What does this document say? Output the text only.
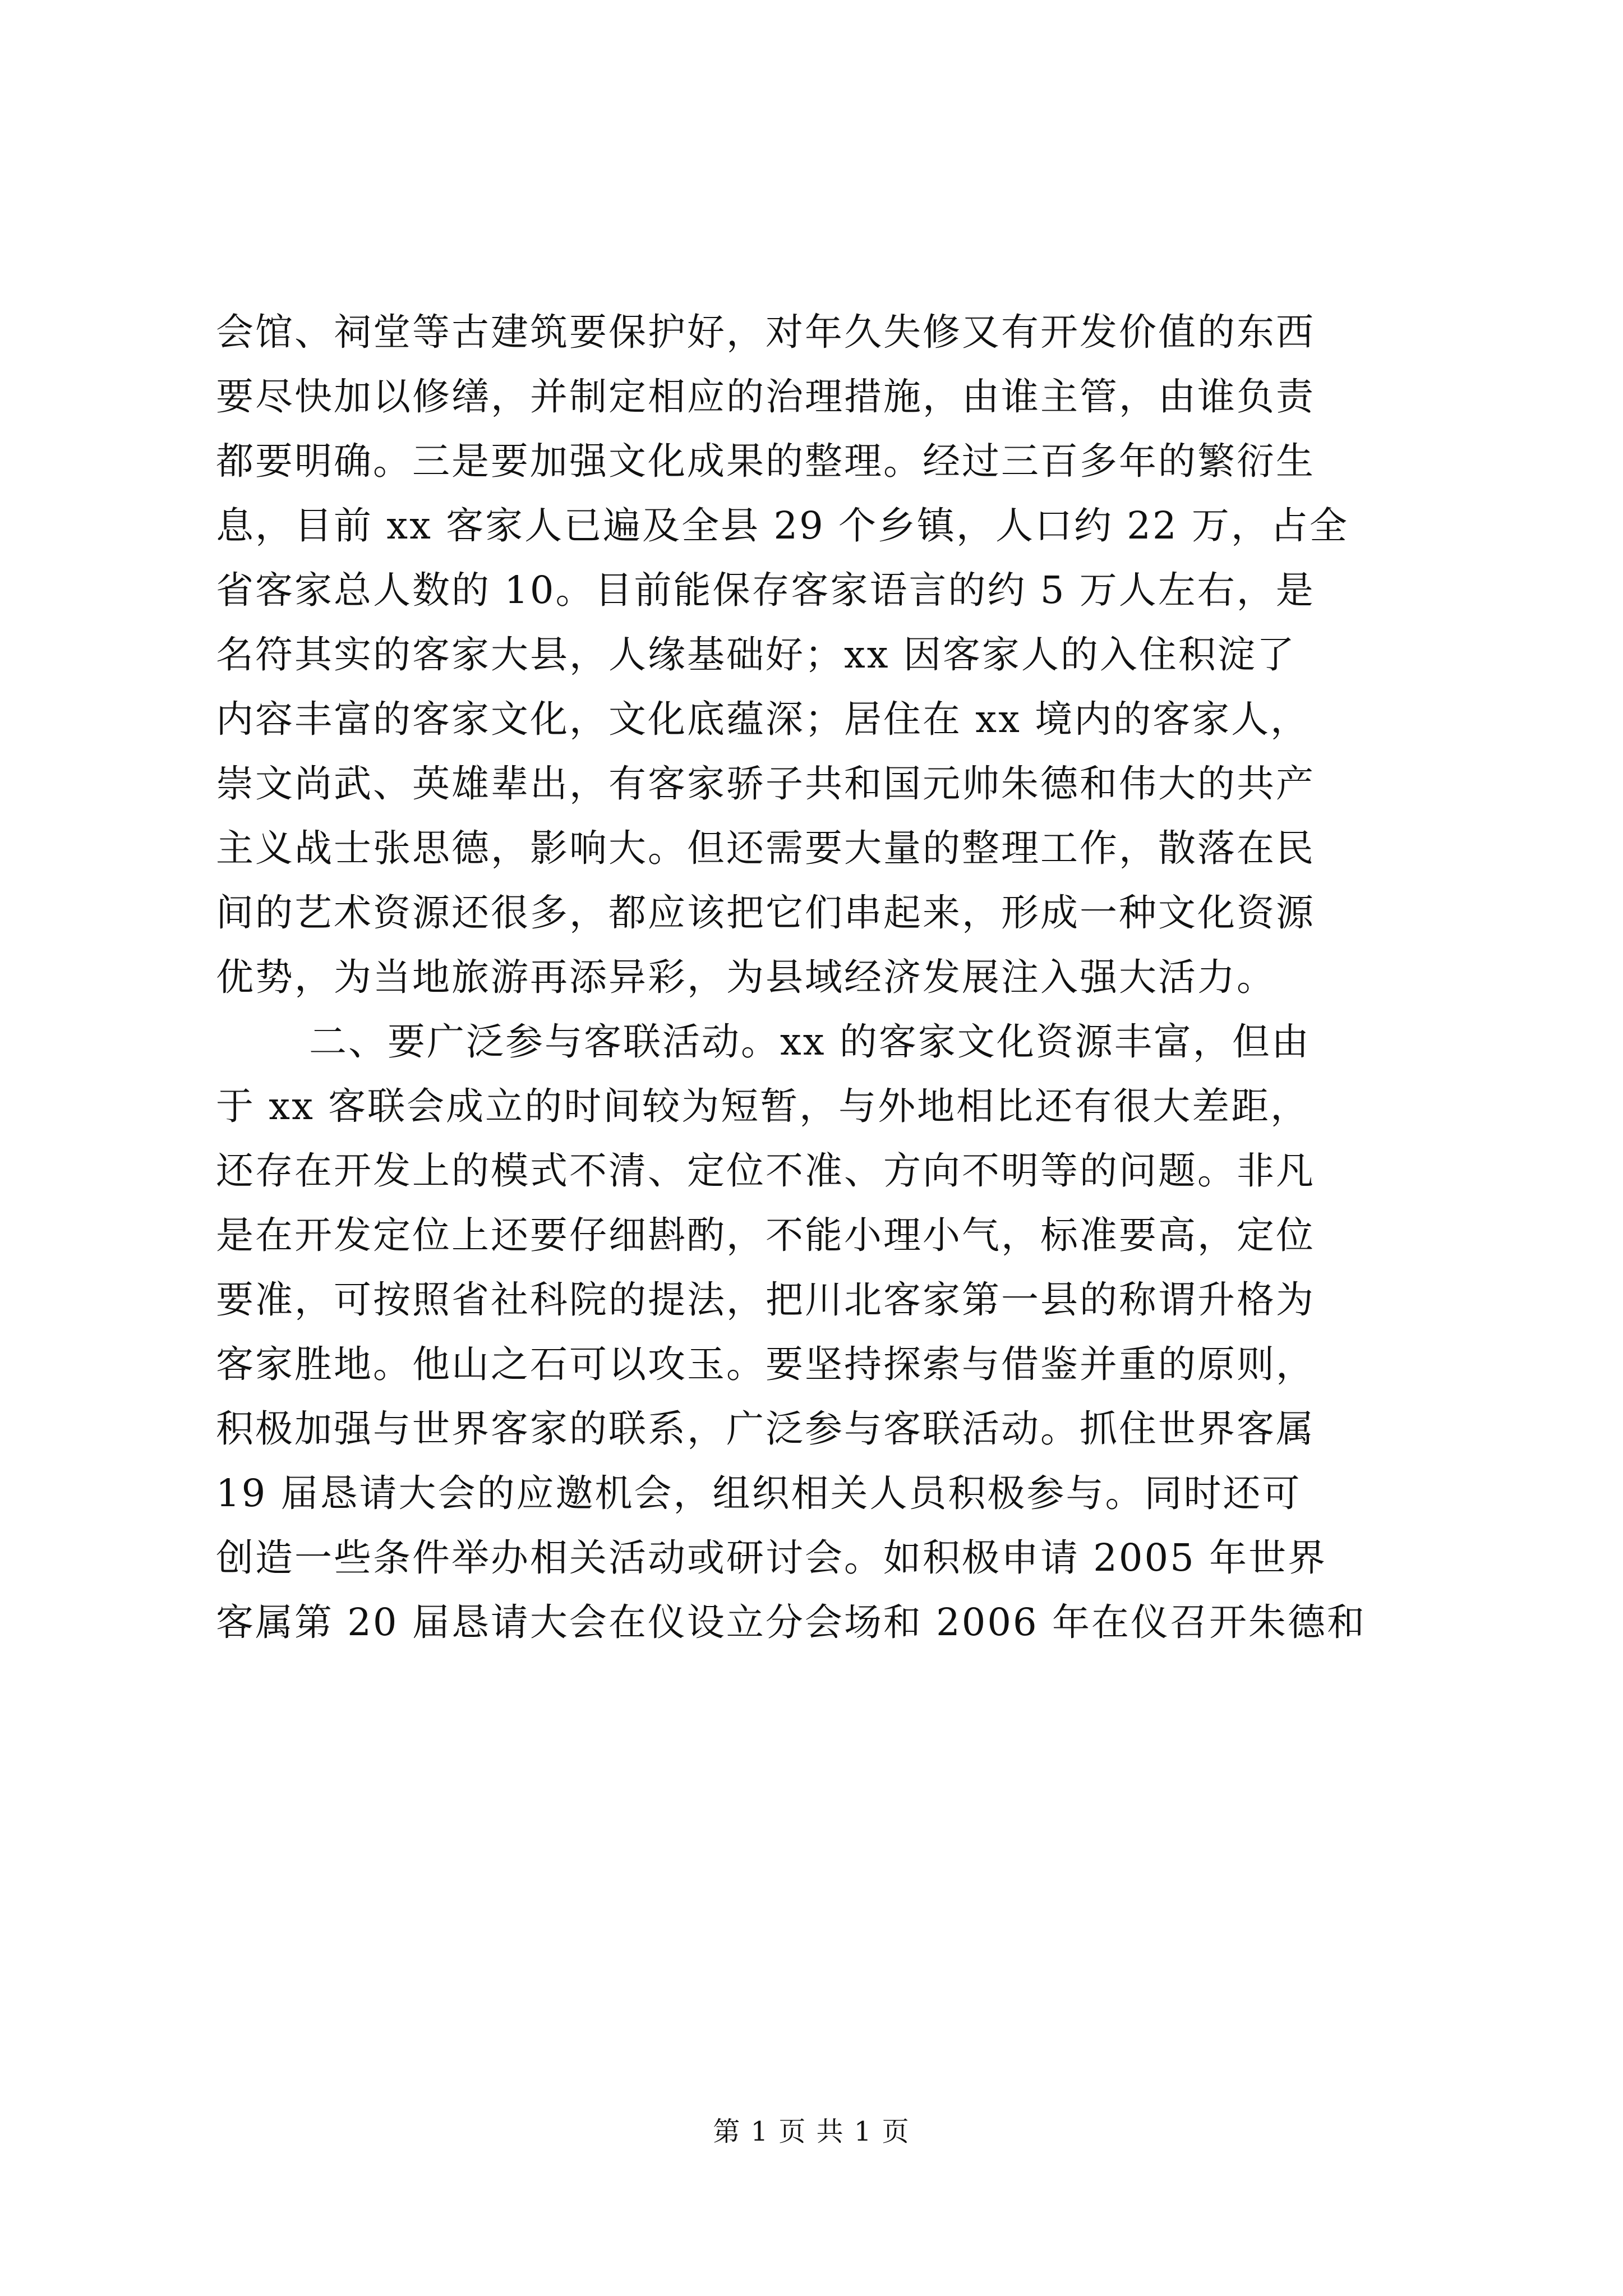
会馆、祠堂等古建筑要保护好，对年久失修又有开发价值的东西
要尽快加以修缮，并制定相应的治理措施，由谁主管，由谁负责
都要明确。三是要加强文化成果的整理。经过三百多年的繁衍生
息，目前 xx 客家人已遍及全县 29 个乡镇，人口约 22 万，占全
省客家总人数的 10。目前能保存客家语言的约 5 万人左右，是
名符其实的客家大县，人缘基础好；xx 因客家人的入住积淀了
内容丰富的客家文化，文化底蕴深；居住在 xx 境内的客家人，
崇文尚武、英雄辈出，有客家骄子共和国元帅朱德和伟大的共产
主义战士张思德，影响大。但还需要大量的整理工作，散落在民
间的艺术资源还很多，都应该把它们串起来，形成一种文化资源
优势，为当地旅游再添异彩，为县域经济发展注入强大活力。
二、要广泛参与客联活动。xx 的客家文化资源丰富，但由
于 xx 客联会成立的时间较为短暂，与外地相比还有很大差距，
还存在开发上的模式不清、定位不准、方向不明等的问题。非凡
是在开发定位上还要仔细斟酌，不能小理小气，标准要高，定位
要准，可按照省社科院的提法，把川北客家第一县的称谓升格为
客家胜地。他山之石可以攻玉。要坚持探索与借鉴并重的原则，
积极加强与世界客家的联系，广泛参与客联活动。抓住世界客属
19 届恳请大会的应邀机会，组织相关人员积极参与。同时还可
创造一些条件举办相关活动或研讨会。如积极申请 2005 年世界
客属第 20 届恳请大会在仪设立分会场和 2006 年在仪召开朱德和
第 1 页 共 1 页
